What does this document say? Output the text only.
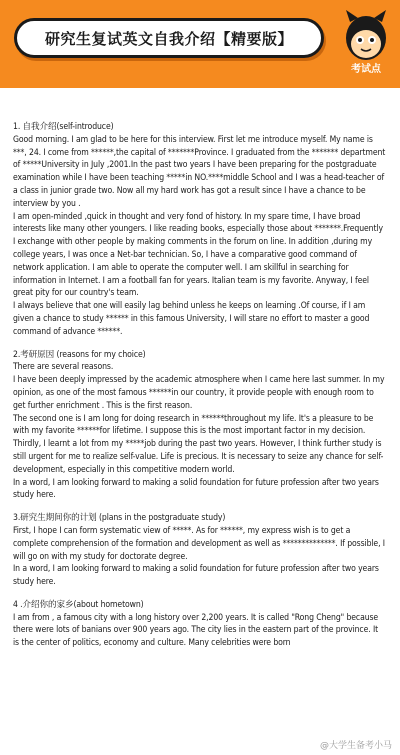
研究生复试英文自我介绍【精要版】
考试点

1. 自我介绍(self-introduce)

Good morning. I am glad to be here for this interview. First let me introduce myself. My name is ***, 24. I come from ******,the capital of *******Province. I graduated from the ******* department of *****University in July ,2001.In the past two years I have been preparing for the postgraduate examination while I have been teaching *****in NO.****middle School and I was a head-teacher of a class in junior grade two. Now all my hard work has got a result since I have a chance to be interview by you .

I am open-minded ,quick in thought and very fond of history. In my spare time, I have broad interests like many other youngers. I like reading books, especially those about *******.Frequently I exchange with other people by making comments in the forum on line. In addition ,during my college years, I was once a Net-bar technician. So, I have a comparative good command of network application. I am able to operate the computer well. I am skillful in searching for information in Internet. I am a football fan for years. Italian team is my favorite. Anyway, I feel great pity for our country's team.

I always believe that one will easily lag behind unless he keeps on learning .Of course, if I am given a chance to study ****** in this famous University, I will stare no effort to master a good command of advance ******.

2.考研原因 (reasons for my choice)

There are several reasons.

I have been deeply impressed by the academic atmosphere when I came here last summer. In my opinion, as one of the most famous ******in our country, it provide people with enough room to get further enrichment . This is the first reason.

The second one is I am long for doing research in ******throughout my life. It's a pleasure to be with my favorite ******for lifetime. I suppose this is the most important factor in my decision.

Thirdly, I learnt a lot from my *****job during the past two years. However, I think further study is still urgent for me to realize self-value. Life is precious. It is necessary to seize any chance for self-development, especially in this competitive modern world.

In a word, I am looking forward to making a solid foundation for future profession after two years study here.

3.研究生期间你的计划 (plans in the postgraduate study)

First, I hope I can form systematic view of *****. As for ******, my express wish is to get a complete comprehension of the formation and development as well as **************. If possible, I will go on with my study for doctorate degree.

In a word, I am looking forward to making a solid foundation for future profession after two years study here.

4 .介绍你的家乡(about hometown)

I am from , a famous city with a long history over 2,200 years. It is called "Rong Cheng" because there were lots of banians over 900 years ago. The city lies in the eastern part of the province. It is the center of politics, economy and culture. Many celebrities were born

@大学生备考小马
